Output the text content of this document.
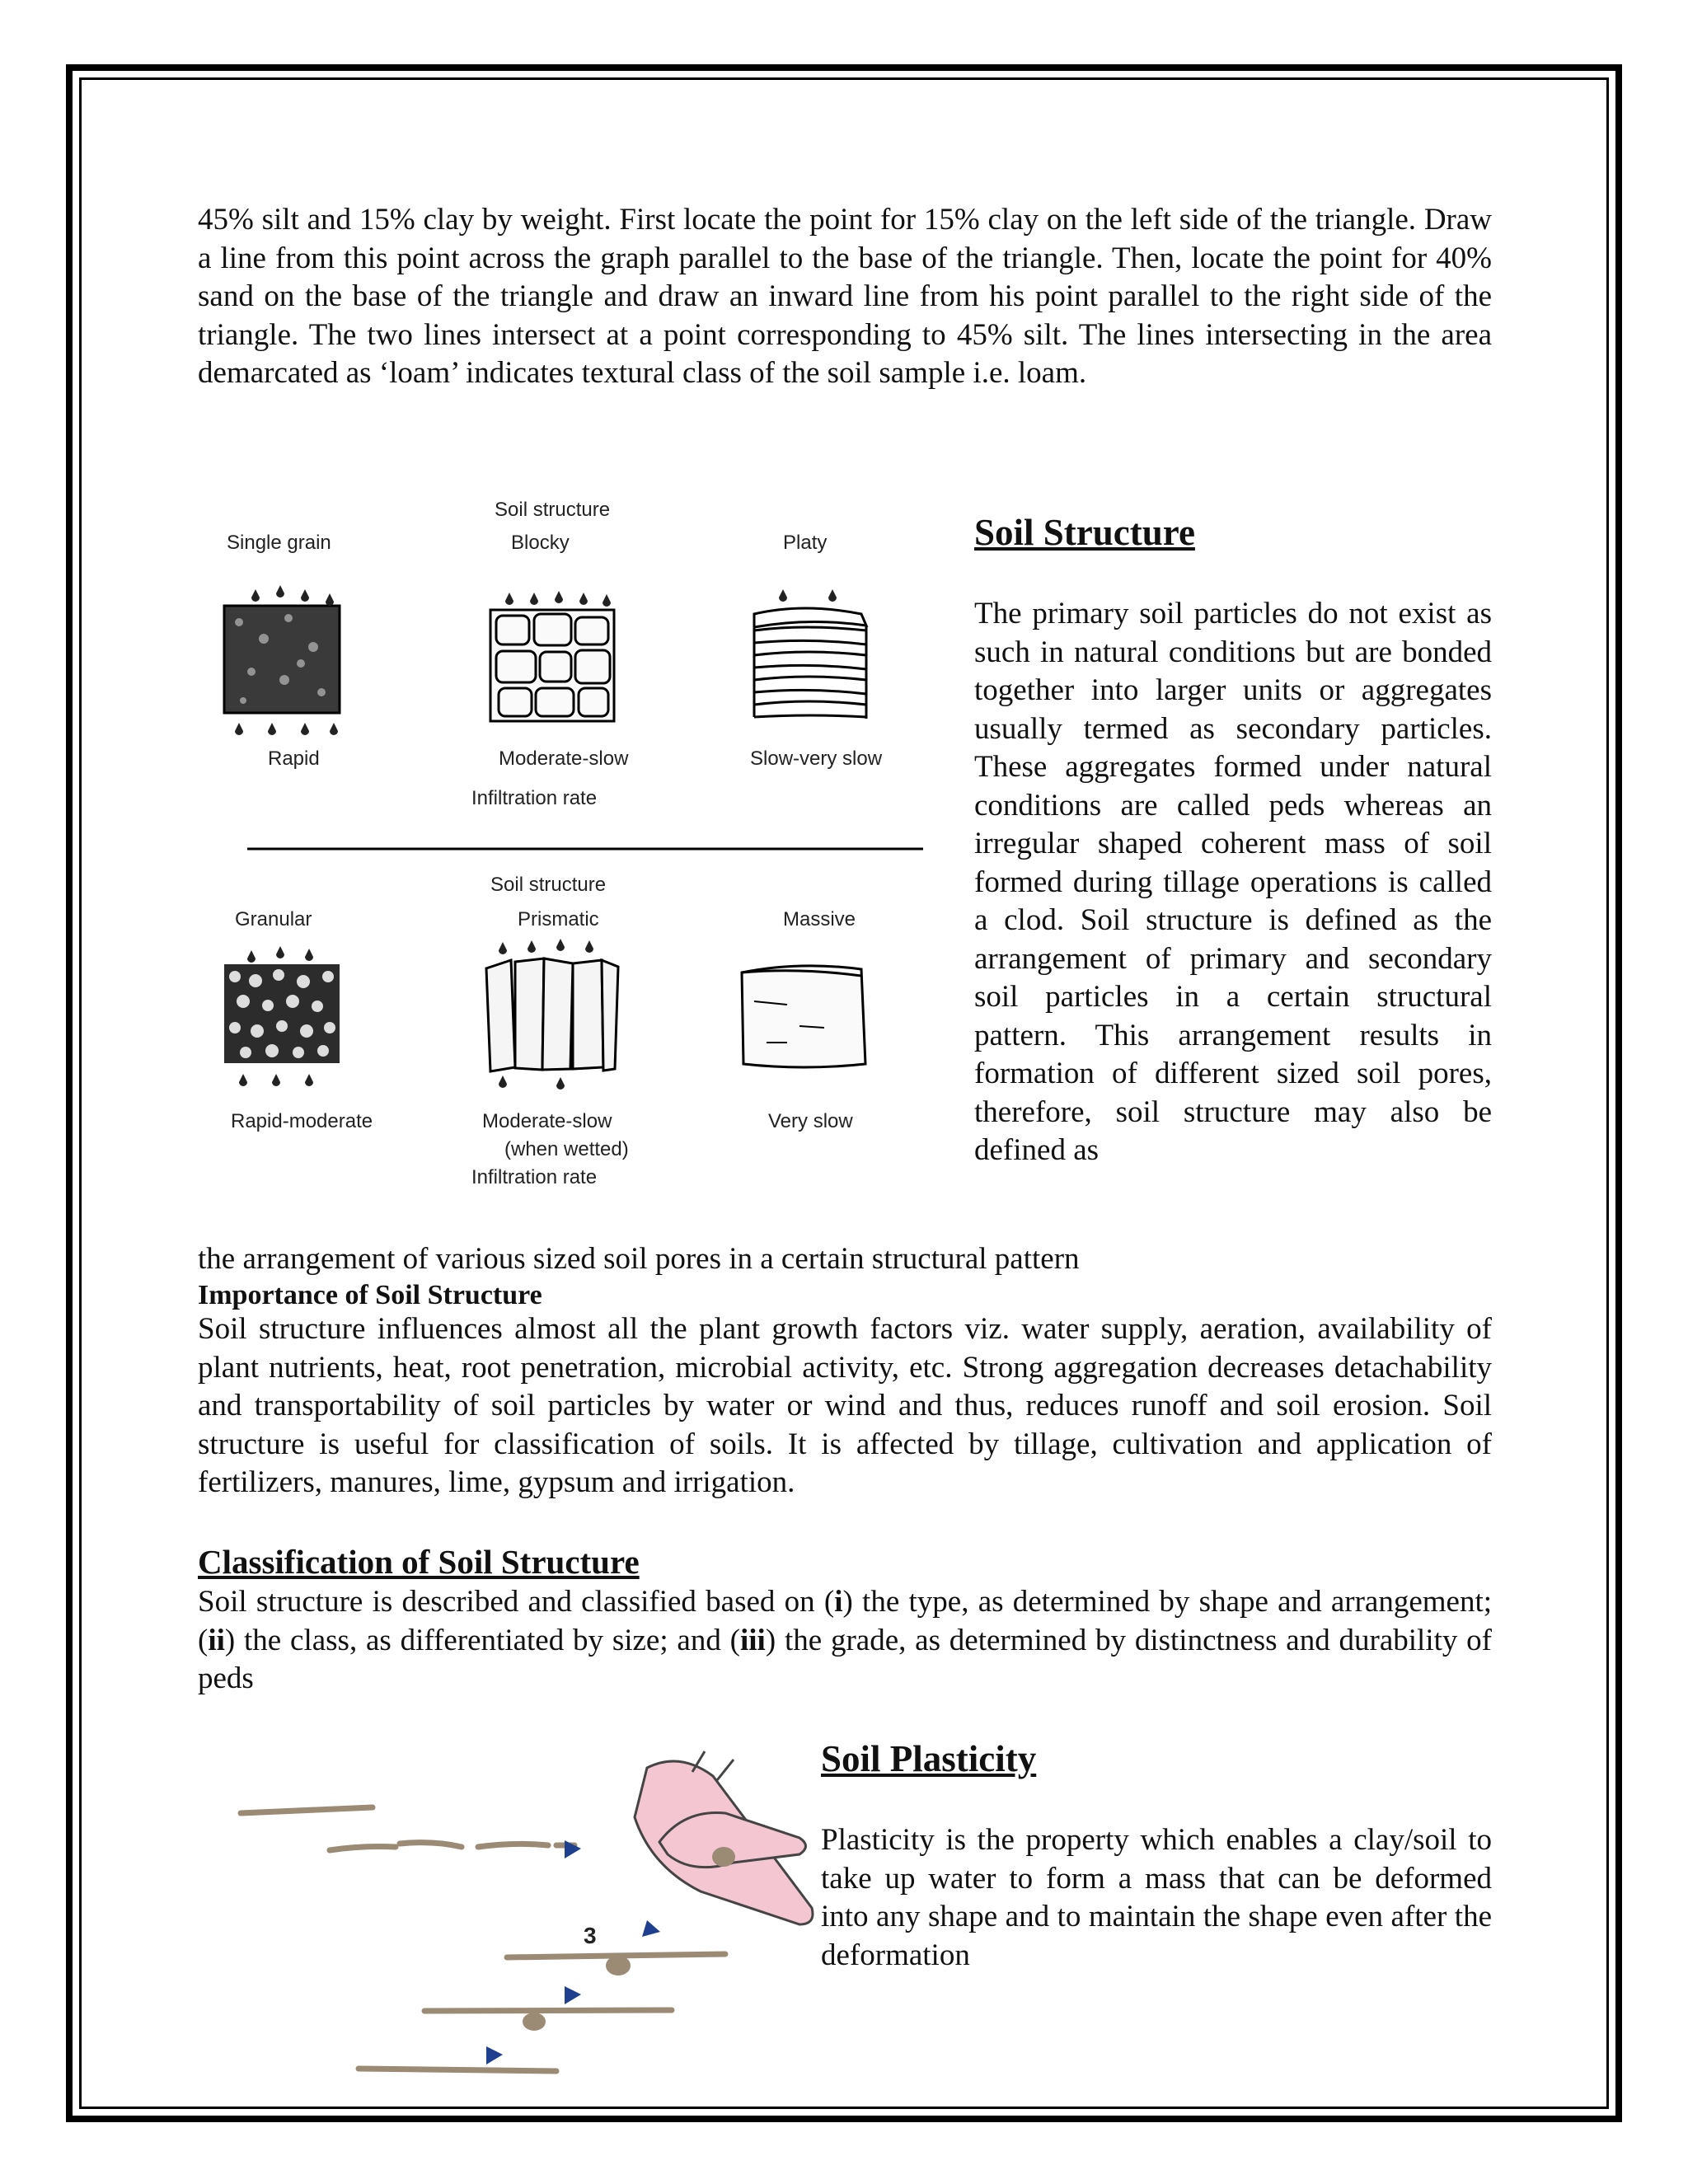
45% silt and 15% clay by weight. First locate the point for 15% clay on the left side of the triangle. Draw a line from this point across the graph parallel to the base of the triangle. Then, locate the point for 40% sand on the base of the triangle and draw an inward line from his point parallel to the right side of the triangle. The two lines intersect at a point corresponding to 45% silt. The lines intersecting in the area demarcated as ‘loam’ indicates textural class of the soil sample i.e. loam.

Soil structure
Single grain	Blocky	Platy
Rapid	Moderate-slow	Slow-very slow
Infiltration rate
Soil structure
Granular	Prismatic	Massive
Rapid-moderate	Moderate-slow	Very slow
(when wetted)
Infiltration rate
Soil Structure

The primary soil particles do not exist as such in natural conditions but are bonded together into larger units or aggregates usually termed as secondary particles. These aggregates formed under natural conditions are called peds whereas an irregular shaped coherent mass of soil formed during tillage operations is called a clod. Soil structure is defined as the arrangement of primary and secondary soil particles in a certain structural pattern. This arrangement results in formation of different sized soil pores, therefore, soil structure may also be defined as

the arrangement of various sized soil pores in a certain structural pattern

Importance of Soil Structure

Soil structure influences almost all the plant growth factors viz. water supply, aeration, availability of plant nutrients, heat, root penetration, microbial activity, etc. Strong aggregation decreases detachability and transportability of soil particles by water or wind and thus, reduces runoff and soil erosion. Soil structure is useful for classification of soils. It is affected by tillage, cultivation and application of fertilizers, manures, lime, gypsum and irrigation.

Classification of Soil Structure

Soil structure is described and classified based on (i) the type, as determined by shape and arrangement; (ii) the class, as differentiated by size; and (iii) the grade, as determined by distinctness and durability of peds

3
Soil Plasticity

Plasticity is the property which enables a clay/soil to take up water to form a mass that can be deformed into any shape and to maintain the shape even after the deformation
